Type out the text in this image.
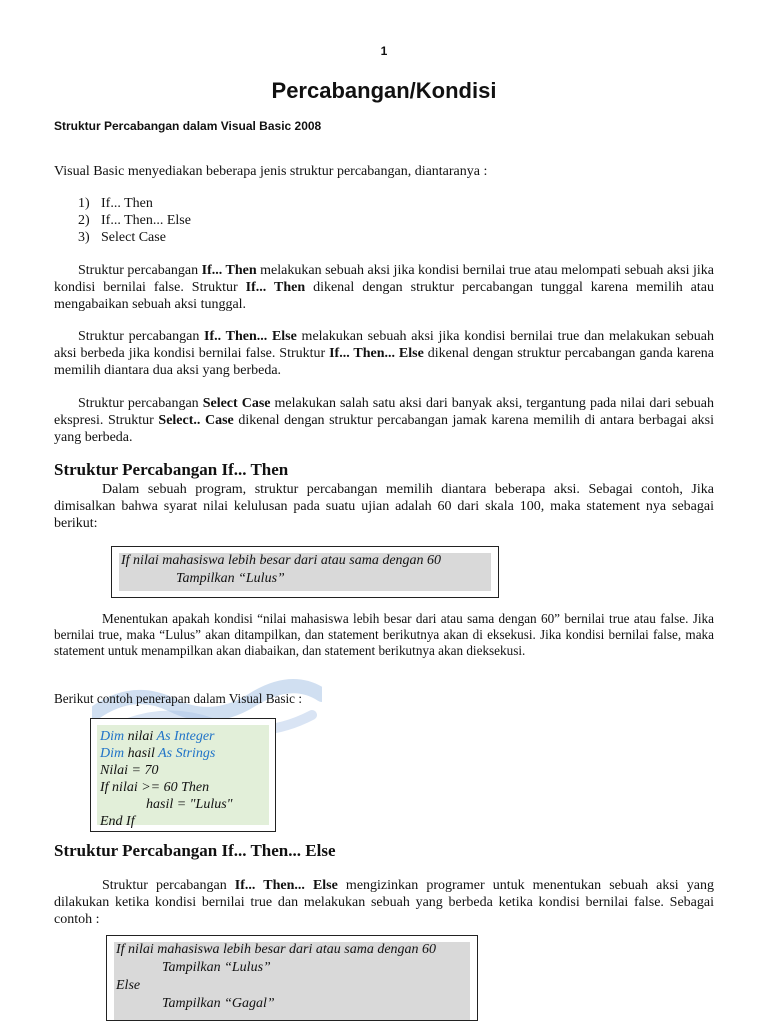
1
Percabangan/Kondisi
Struktur Percabangan dalam Visual Basic 2008
Visual Basic menyediakan beberapa jenis struktur percabangan, diantaranya :
1) If... Then
2) If... Then... Else
3) Select Case
Struktur percabangan If... Then melakukan sebuah aksi jika kondisi bernilai true atau melompati sebuah aksi jika kondisi bernilai false. Struktur If... Then dikenal dengan struktur percabangan tunggal karena memilih atau mengabaikan sebuah aksi tunggal.
Struktur percabangan If.. Then... Else melakukan sebuah aksi jika kondisi bernilai true dan melakukan sebuah aksi berbeda jika kondisi bernilai false. Struktur If... Then... Else dikenal dengan struktur percabangan ganda karena memilih diantara dua aksi yang berbeda.
Struktur percabangan Select Case melakukan salah satu aksi dari banyak aksi, tergantung pada nilai dari sebuah ekspresi. Struktur Select.. Case dikenal dengan struktur percabangan jamak karena memilih di antara berbagai aksi yang berbeda.
Struktur Percabangan If... Then
Dalam sebuah program, struktur percabangan memilih diantara beberapa aksi. Sebagai contoh, Jika dimisalkan bahwa syarat nilai kelulusan pada suatu ujian adalah 60 dari skala 100, maka statement nya sebagai berikut:
If nilai mahasiswa lebih besar dari atau sama dengan 60
Tampilkan “Lulus”
Menentukan apakah kondisi “nilai mahasiswa lebih besar dari atau sama dengan 60” bernilai true atau false. Jika bernilai true, maka “Lulus” akan ditampilkan, dan statement berikutnya akan di eksekusi. Jika kondisi bernilai false, maka statement untuk menampilkan akan diabaikan, dan statement berikutnya akan dieksekusi.
Berikut contoh penerapan dalam Visual Basic :
Dim nilai As Integer
Dim hasil As Strings
Nilai = 70
If nilai >= 60 Then
hasil = "Lulus"
End If
Struktur Percabangan If... Then... Else
Struktur percabangan If... Then... Else mengizinkan programer untuk menentukan sebuah aksi yang dilakukan ketika kondisi bernilai true dan melakukan sebuah yang berbeda ketika kondisi bernilai false. Sebagai contoh :
If nilai mahasiswa lebih besar dari atau sama dengan 60
Tampilkan “Lulus”
Else
Tampilkan “Gagal”
